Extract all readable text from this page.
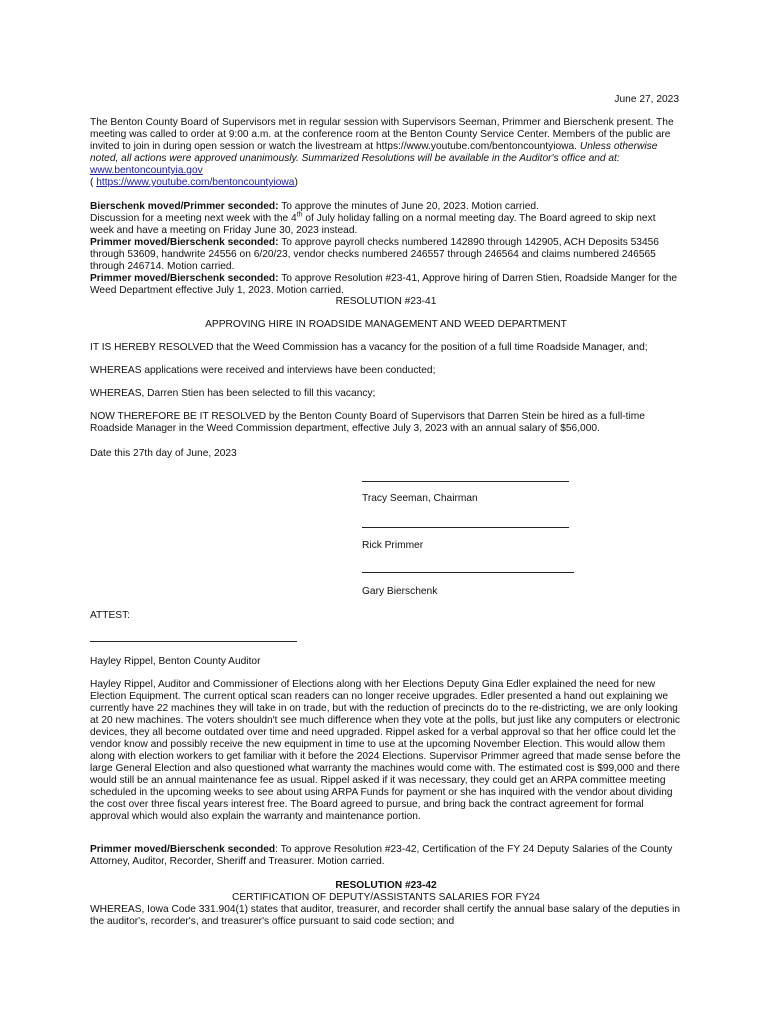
June 27, 2023

The Benton County Board of Supervisors met in regular session with Supervisors Seeman, Primmer and Bierschenk present. The meeting was called to order at 9:00 a.m. at the conference room at the Benton County Service Center. Members of the public are invited to join in during open session or watch the livestream at https://www.youtube.com/bentoncountyiowa. Unless otherwise noted, all actions were approved unanimously. Summarized Resolutions will be available in the Auditor's office and at:
www.bentoncountyia.gov
( https://www.youtube.com/bentoncountyiowa)

Bierschenk moved/Primmer seconded: To approve the minutes of June 20, 2023. Motion carried.

Discussion for a meeting next week with the 4th of July holiday falling on a normal meeting day. The Board agreed to skip next week and have a meeting on Friday June 30, 2023 instead.

Primmer moved/Bierschenk seconded: To approve payroll checks numbered 142890 through 142905, ACH Deposits 53456 through 53609, handwrite 24556 on 6/20/23, vendor checks numbered 246557 through 246564 and claims numbered 246565 through 246714. Motion carried.

Primmer moved/Bierschenk seconded: To approve Resolution #23-41, Approve hiring of Darren Stien, Roadside Manger for the Weed Department effective July 1, 2023. Motion carried.

RESOLUTION #23-41
APPROVING HIRE IN ROADSIDE MANAGEMENT AND WEED DEPARTMENT
IT IS HEREBY RESOLVED that the Weed Commission has a vacancy for the position of a full time Roadside Manager, and;
WHEREAS applications were received and interviews have been conducted;
WHEREAS, Darren Stien has been selected to fill this vacancy;
NOW THEREFORE BE IT RESOLVED by the Benton County Board of Supervisors that Darren Stein be hired as a full-time Roadside Manager in the Weed Commission department, effective July 3, 2023 with an annual salary of $56,000.
Date this 27th day of June, 2023
Tracy Seeman, Chairman
Rick Primmer
Gary Bierschenk
ATTEST:
Hayley Rippel, Benton County Auditor
Hayley Rippel, Auditor and Commissioner of Elections along with her Elections Deputy Gina Edler explained the need for new Election Equipment. The current optical scan readers can no longer receive upgrades. Edler presented a hand out explaining we currently have 22 machines they will take in on trade, but with the reduction of precincts do to the re-districting, we are only looking at 20 new machines. The voters shouldn't see much difference when they vote at the polls, but just like any computers or electronic devices, they all become outdated over time and need upgraded. Rippel asked for a verbal approval so that her office could let the vendor know and possibly receive the new equipment in time to use at the upcoming November Election. This would allow them along with election workers to get familiar with it before the 2024 Elections. Supervisor Primmer agreed that made sense before the large General Election and also questioned what warranty the machines would come with. The estimated cost is $99,000 and there would still be an annual maintenance fee as usual. Rippel asked if it was necessary, they could get an ARPA committee meeting scheduled in the upcoming weeks to see about using ARPA Funds for payment or she has inquired with the vendor about dividing the cost over three fiscal years interest free. The Board agreed to pursue, and bring back the contract agreement for formal approval which would also explain the warranty and maintenance portion.
Primmer moved/Bierschenk seconded: To approve Resolution #23-42, Certification of the FY 24 Deputy Salaries of the County Attorney, Auditor, Recorder, Sheriff and Treasurer. Motion carried.
RESOLUTION #23-42
CERTIFICATION OF DEPUTY/ASSISTANTS SALARIES FOR FY24
WHEREAS, Iowa Code 331.904(1) states that auditor, treasurer, and recorder shall certify the annual base salary of the deputies in the auditor's, recorder's, and treasurer's office pursuant to said code section; and
